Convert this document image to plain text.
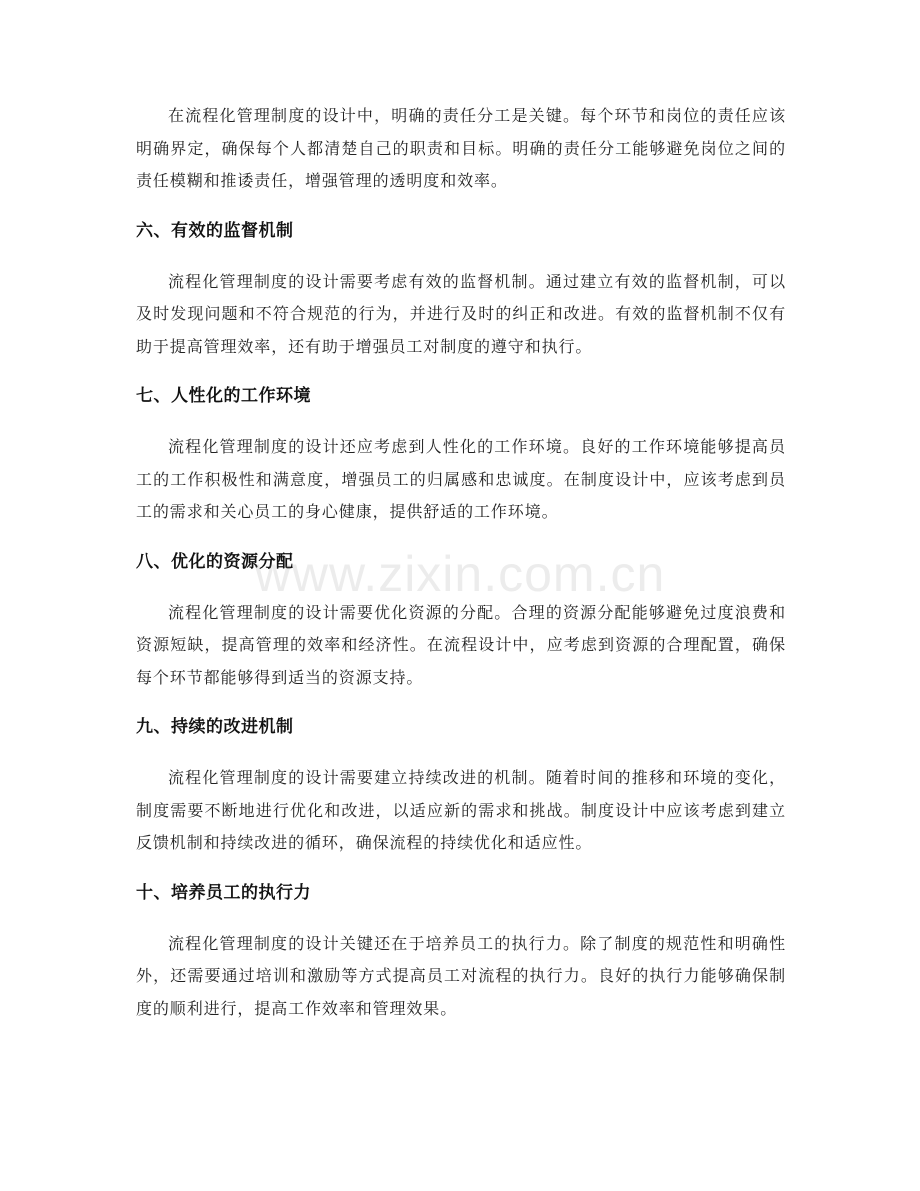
在流程化管理制度的设计中，明确的责任分工是关键。每个环节和岗位的责任应该明确界定，确保每个人都清楚自己的职责和目标。明确的责任分工能够避免岗位之间的责任模糊和推诿责任，增强管理的透明度和效率。

六、有效的监督机制

流程化管理制度的设计需要考虑有效的监督机制。通过建立有效的监督机制，可以及时发现问题和不符合规范的行为，并进行及时的纠正和改进。有效的监督机制不仅有助于提高管理效率，还有助于增强员工对制度的遵守和执行。

七、人性化的工作环境

流程化管理制度的设计还应考虑到人性化的工作环境。良好的工作环境能够提高员工的工作积极性和满意度，增强员工的归属感和忠诚度。在制度设计中，应该考虑到员工的需求和关心员工的身心健康，提供舒适的工作环境。

八、优化的资源分配

流程化管理制度的设计需要优化资源的分配。合理的资源分配能够避免过度浪费和资源短缺，提高管理的效率和经济性。在流程设计中，应考虑到资源的合理配置，确保每个环节都能够得到适当的资源支持。

九、持续的改进机制

流程化管理制度的设计需要建立持续改进的机制。随着时间的推移和环境的变化，制度需要不断地进行优化和改进，以适应新的需求和挑战。制度设计中应该考虑到建立反馈机制和持续改进的循环，确保流程的持续优化和适应性。

十、培养员工的执行力

流程化管理制度的设计关键还在于培养员工的执行力。除了制度的规范性和明确性外，还需要通过培训和激励等方式提高员工对流程的执行力。良好的执行力能够确保制度的顺利进行，提高工作效率和管理效果。

www.zixin.com.cn
